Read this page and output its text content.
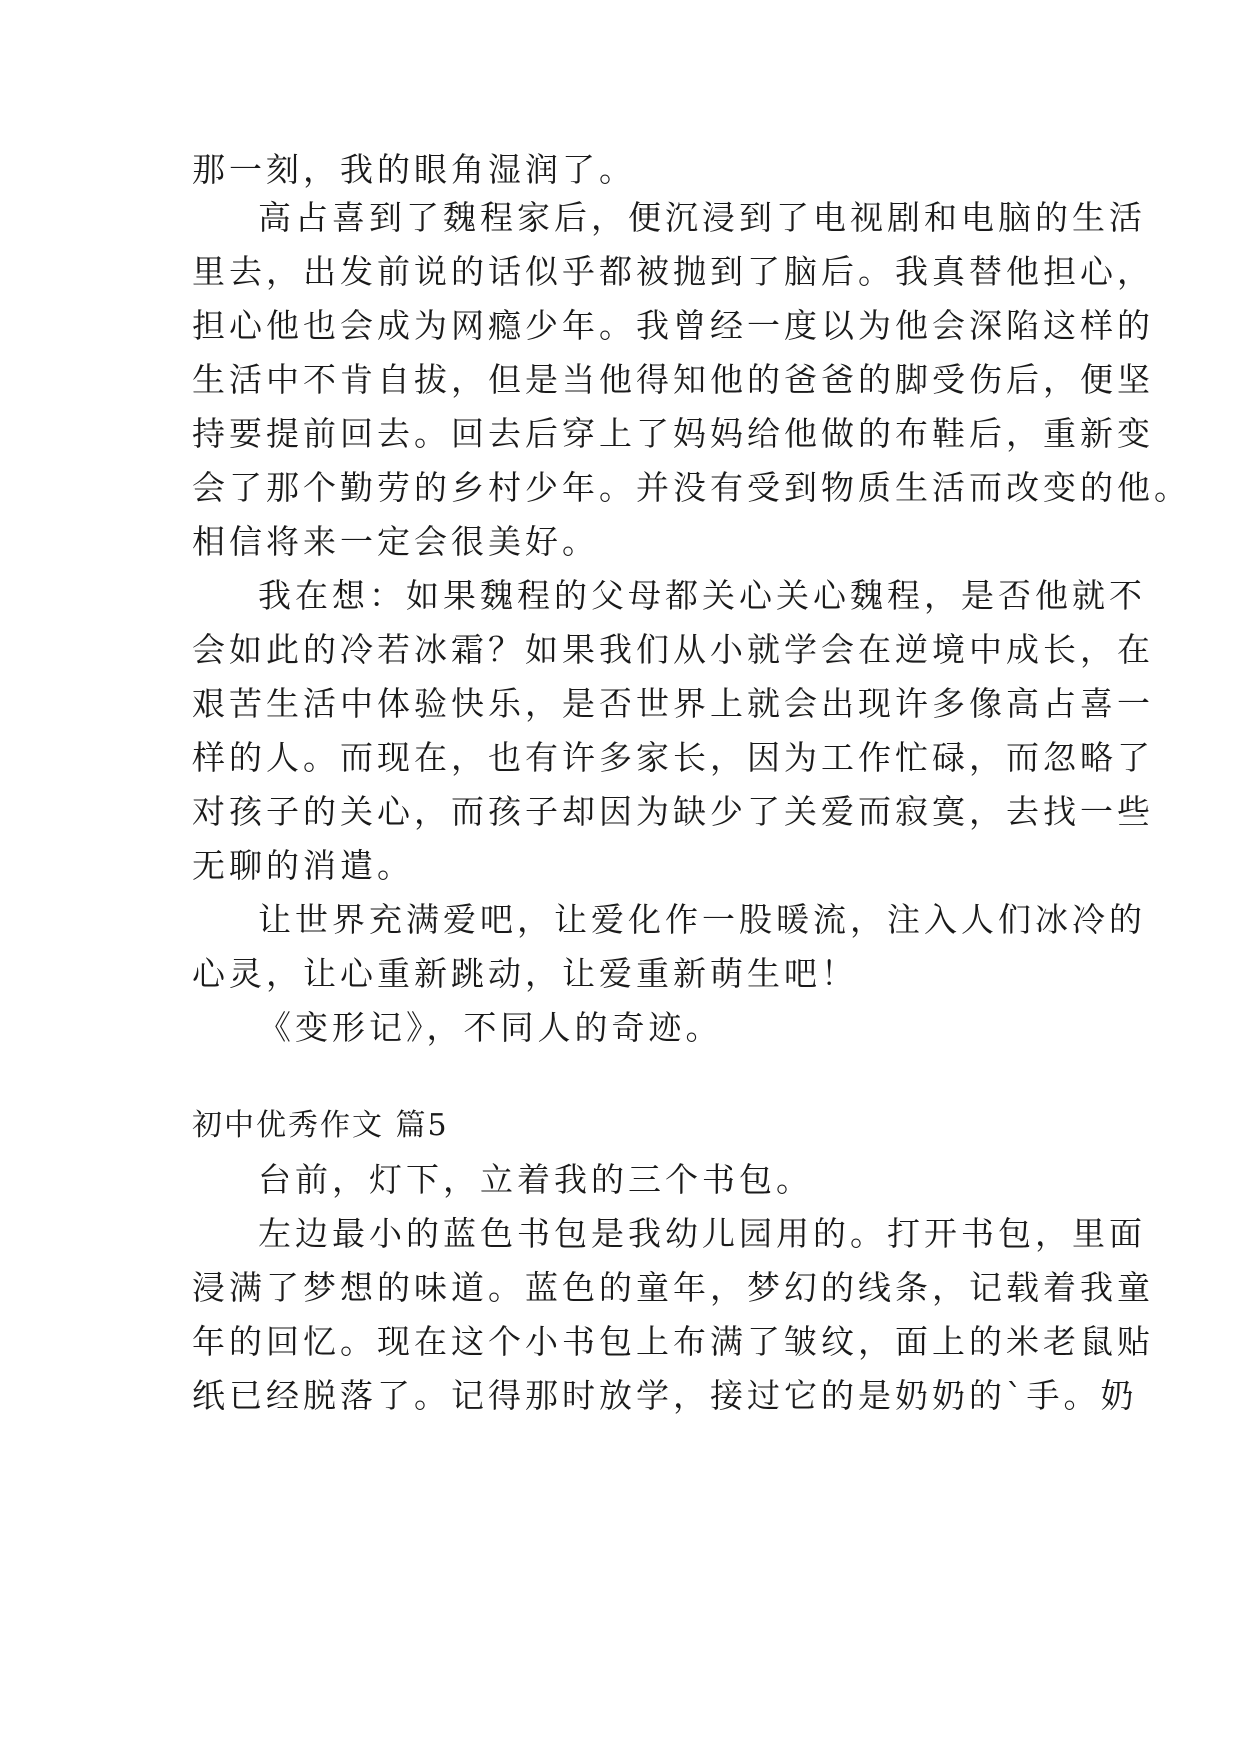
那一刻，我的眼角湿润了。
高占喜到了魏程家后，便沉浸到了电视剧和电脑的生活
里去，出发前说的话似乎都被抛到了脑后。我真替他担心，
担心他也会成为网瘾少年。我曾经一度以为他会深陷这样的
生活中不肯自拔，但是当他得知他的爸爸的脚受伤后，便坚
持要提前回去。回去后穿上了妈妈给他做的布鞋后，重新变
会了那个勤劳的乡村少年。并没有受到物质生活而改变的他。
相信将来一定会很美好。
我在想：如果魏程的父母都关心关心魏程，是否他就不
会如此的冷若冰霜？如果我们从小就学会在逆境中成长，在
艰苦生活中体验快乐，是否世界上就会出现许多像高占喜一
样的人。而现在，也有许多家长，因为工作忙碌，而忽略了
对孩子的关心，而孩子却因为缺少了关爱而寂寞，去找一些
无聊的消遣。
让世界充满爱吧，让爱化作一股暖流，注入人们冰冷的
心灵，让心重新跳动，让爱重新萌生吧！
《变形记》，不同人的奇迹。
初中优秀作文 篇5
台前，灯下，立着我的三个书包。
左边最小的蓝色书包是我幼儿园用的。打开书包，里面
浸满了梦想的味道。蓝色的童年，梦幻的线条，记载着我童
年的回忆。现在这个小书包上布满了皱纹，面上的米老鼠贴
纸已经脱落了。记得那时放学，接过它的是奶奶的`手。奶
